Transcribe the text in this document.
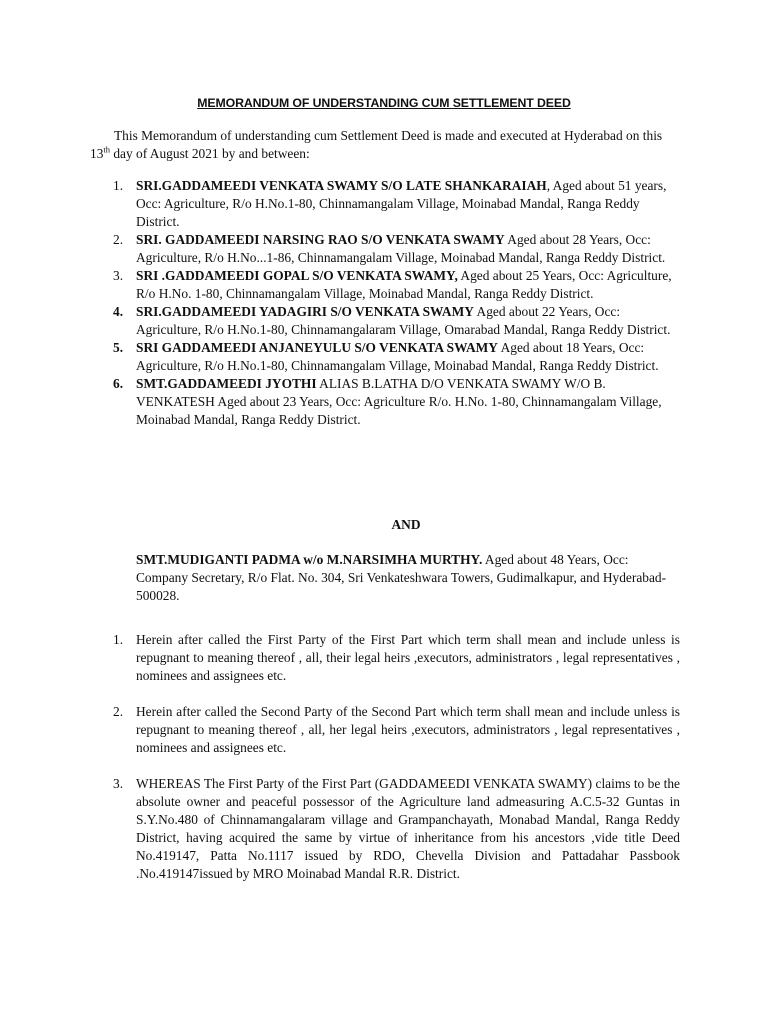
MEMORANDUM OF UNDERSTANDING CUM SETTLEMENT DEED
This Memorandum of understanding cum Settlement Deed is made and executed at Hyderabad on this 13th day of August 2021 by and between:
1. SRI.GADDAMEEDI VENKATA SWAMY S/O LATE SHANKARAIAH, Aged about 51 years, Occ: Agriculture, R/o H.No.1-80, Chinnamangalam Village, Moinabad Mandal, Ranga Reddy District.
2. SRI. GADDAMEEDI NARSING RAO S/O VENKATA SWAMY Aged about 28 Years, Occ: Agriculture, R/o H.No...1-86, Chinnamangalam Village, Moinabad Mandal, Ranga Reddy District.
3. SRI .GADDAMEEDI GOPAL S/O VENKATA SWAMY, Aged about 25 Years, Occ: Agriculture, R/o H.No. 1-80, Chinnamangalam Village, Moinabad Mandal, Ranga Reddy District.
4. SRI.GADDAMEEDI YADAGIRI S/O VENKATA SWAMY Aged about 22 Years, Occ: Agriculture, R/o H.No.1-80, Chinnamangalaram Village, Omarabad Mandal, Ranga Reddy District.
5. SRI GADDAMEEDI ANJANEYULU S/O VENKATA SWAMY Aged about 18 Years, Occ: Agriculture, R/o H.No.1-80, Chinnamangalam Village, Moinabad Mandal, Ranga Reddy District.
6. SMT.GADDAMEEDI JYOTHI ALIAS B.LATHA D/O VENKATA SWAMY W/O B. VENKATESH Aged about 23 Years, Occ: Agriculture R/o. H.No. 1-80, Chinnamangalam Village, Moinabad Mandal, Ranga Reddy District.
AND
SMT.MUDIGANTI PADMA w/o M.NARSIMHA MURTHY. Aged about 48 Years, Occ: Company Secretary, R/o Flat. No. 304, Sri Venkateshwara Towers, Gudimalkapur, and Hyderabad-500028.
1. Herein after called the First Party of the First Part which term shall mean and include unless is repugnant to meaning thereof , all, their legal heirs ,executors, administrators , legal representatives , nominees and assignees etc.
2. Herein after called the Second Party of the Second Part which term shall mean and include unless is repugnant to meaning thereof , all, her legal heirs ,executors, administrators , legal representatives , nominees and assignees etc.
3. WHEREAS The First Party of the First Part (GADDAMEEDI VENKATA SWAMY) claims to be the absolute owner and peaceful possessor of the Agriculture land admeasuring A.C.5-32 Guntas in S.Y.No.480 of Chinnamangalaram village and Grampanchayath, Monabad Mandal, Ranga Reddy District, having acquired the same by virtue of inheritance from his ancestors ,vide title Deed No.419147, Patta No.1117 issued by RDO, Chevella Division and Pattadahar Passbook .No.419147issued by MRO Moinabad Mandal R.R. District.
